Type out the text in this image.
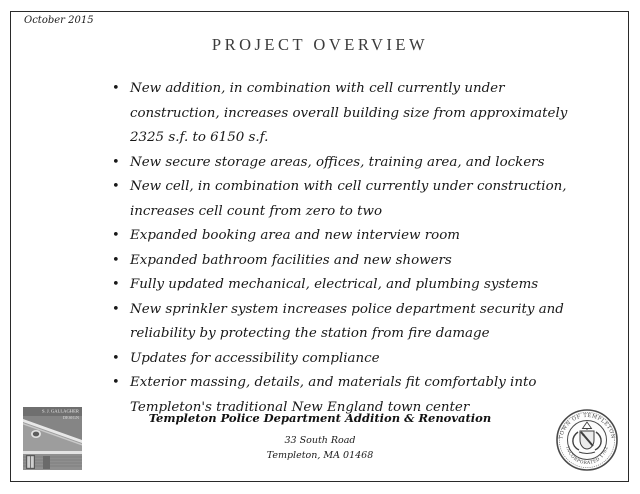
October 2015
PROJECT OVERVIEW
• New addition, in combination with cell currently under construction, increases overall building size from approximately 2325 s.f. to 6150 s.f.
• New secure storage areas, offices, training area, and lockers
• New cell, in combination with cell currently under construction, increases cell count from zero to two
• Expanded booking area and new interview room
• Expanded bathroom facilities and new showers
• Fully updated mechanical, electrical, and plumbing systems
• New sprinkler system increases police department security and reliability by protecting the station from fire damage
• Updates for accessibility compliance
• Exterior massing, details, and materials fit comfortably into Templeton's traditional New England town center
Templeton Police Department Addition & Renovation
33 South Road
Templeton, MA 01468
S. J. GALLAGHER
DESIGN
TOWN OF TEMPLETON
INCORPORATED 1762
